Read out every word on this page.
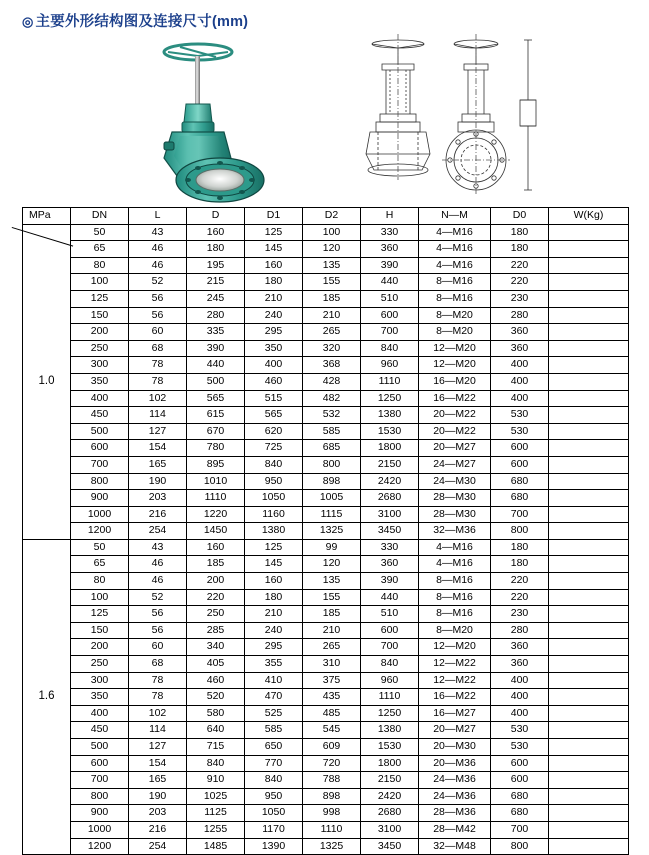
◎ 主要外形结构图及连接尺寸(mm)
MPa	DN	L	D	D1	D2	H	N—M	D0	W(Kg)
1.0	50	43	160	125	100	330	4—M16	180	
	65	46	180	145	120	360	4—M16	180	
	80	46	195	160	135	390	4—M16	220	
	100	52	215	180	155	440	8—M16	220	
	125	56	245	210	185	510	8—M16	230	
	150	56	280	240	210	600	8—M20	280	
	200	60	335	295	265	700	8—M20	360	
	250	68	390	350	320	840	12—M20	360	
	300	78	440	400	368	960	12—M20	400	
	350	78	500	460	428	1110	16—M20	400	
	400	102	565	515	482	1250	16—M22	400	
	450	114	615	565	532	1380	20—M22	530	
	500	127	670	620	585	1530	20—M22	530	
	600	154	780	725	685	1800	20—M27	600	
	700	165	895	840	800	2150	24—M27	600	
	800	190	1010	950	898	2420	24—M30	680	
	900	203	1110	1050	1005	2680	28—M30	680	
	1000	216	1220	1160	1115	3100	28—M30	700	
	1200	254	1450	1380	1325	3450	32—M36	800	
1.6	50	43	160	125	99	330	4—M16	180	
	65	46	185	145	120	360	4—M16	180	
	80	46	200	160	135	390	8—M16	220	
	100	52	220	180	155	440	8—M16	220	
	125	56	250	210	185	510	8—M16	230	
	150	56	285	240	210	600	8—M20	280	
	200	60	340	295	265	700	12—M20	360	
	250	68	405	355	310	840	12—M22	360	
	300	78	460	410	375	960	12—M22	400	
	350	78	520	470	435	1110	16—M22	400	
	400	102	580	525	485	1250	16—M27	400	
	450	114	640	585	545	1380	20—M27	530	
	500	127	715	650	609	1530	20—M30	530	
	600	154	840	770	720	1800	20—M36	600	
	700	165	910	840	788	2150	24—M36	600	
	800	190	1025	950	898	2420	24—M36	680	
	900	203	1125	1050	998	2680	28—M36	680	
	1000	216	1255	1170	1110	3100	28—M42	700	
	1200	254	1485	1390	1325	3450	32—M48	800	
